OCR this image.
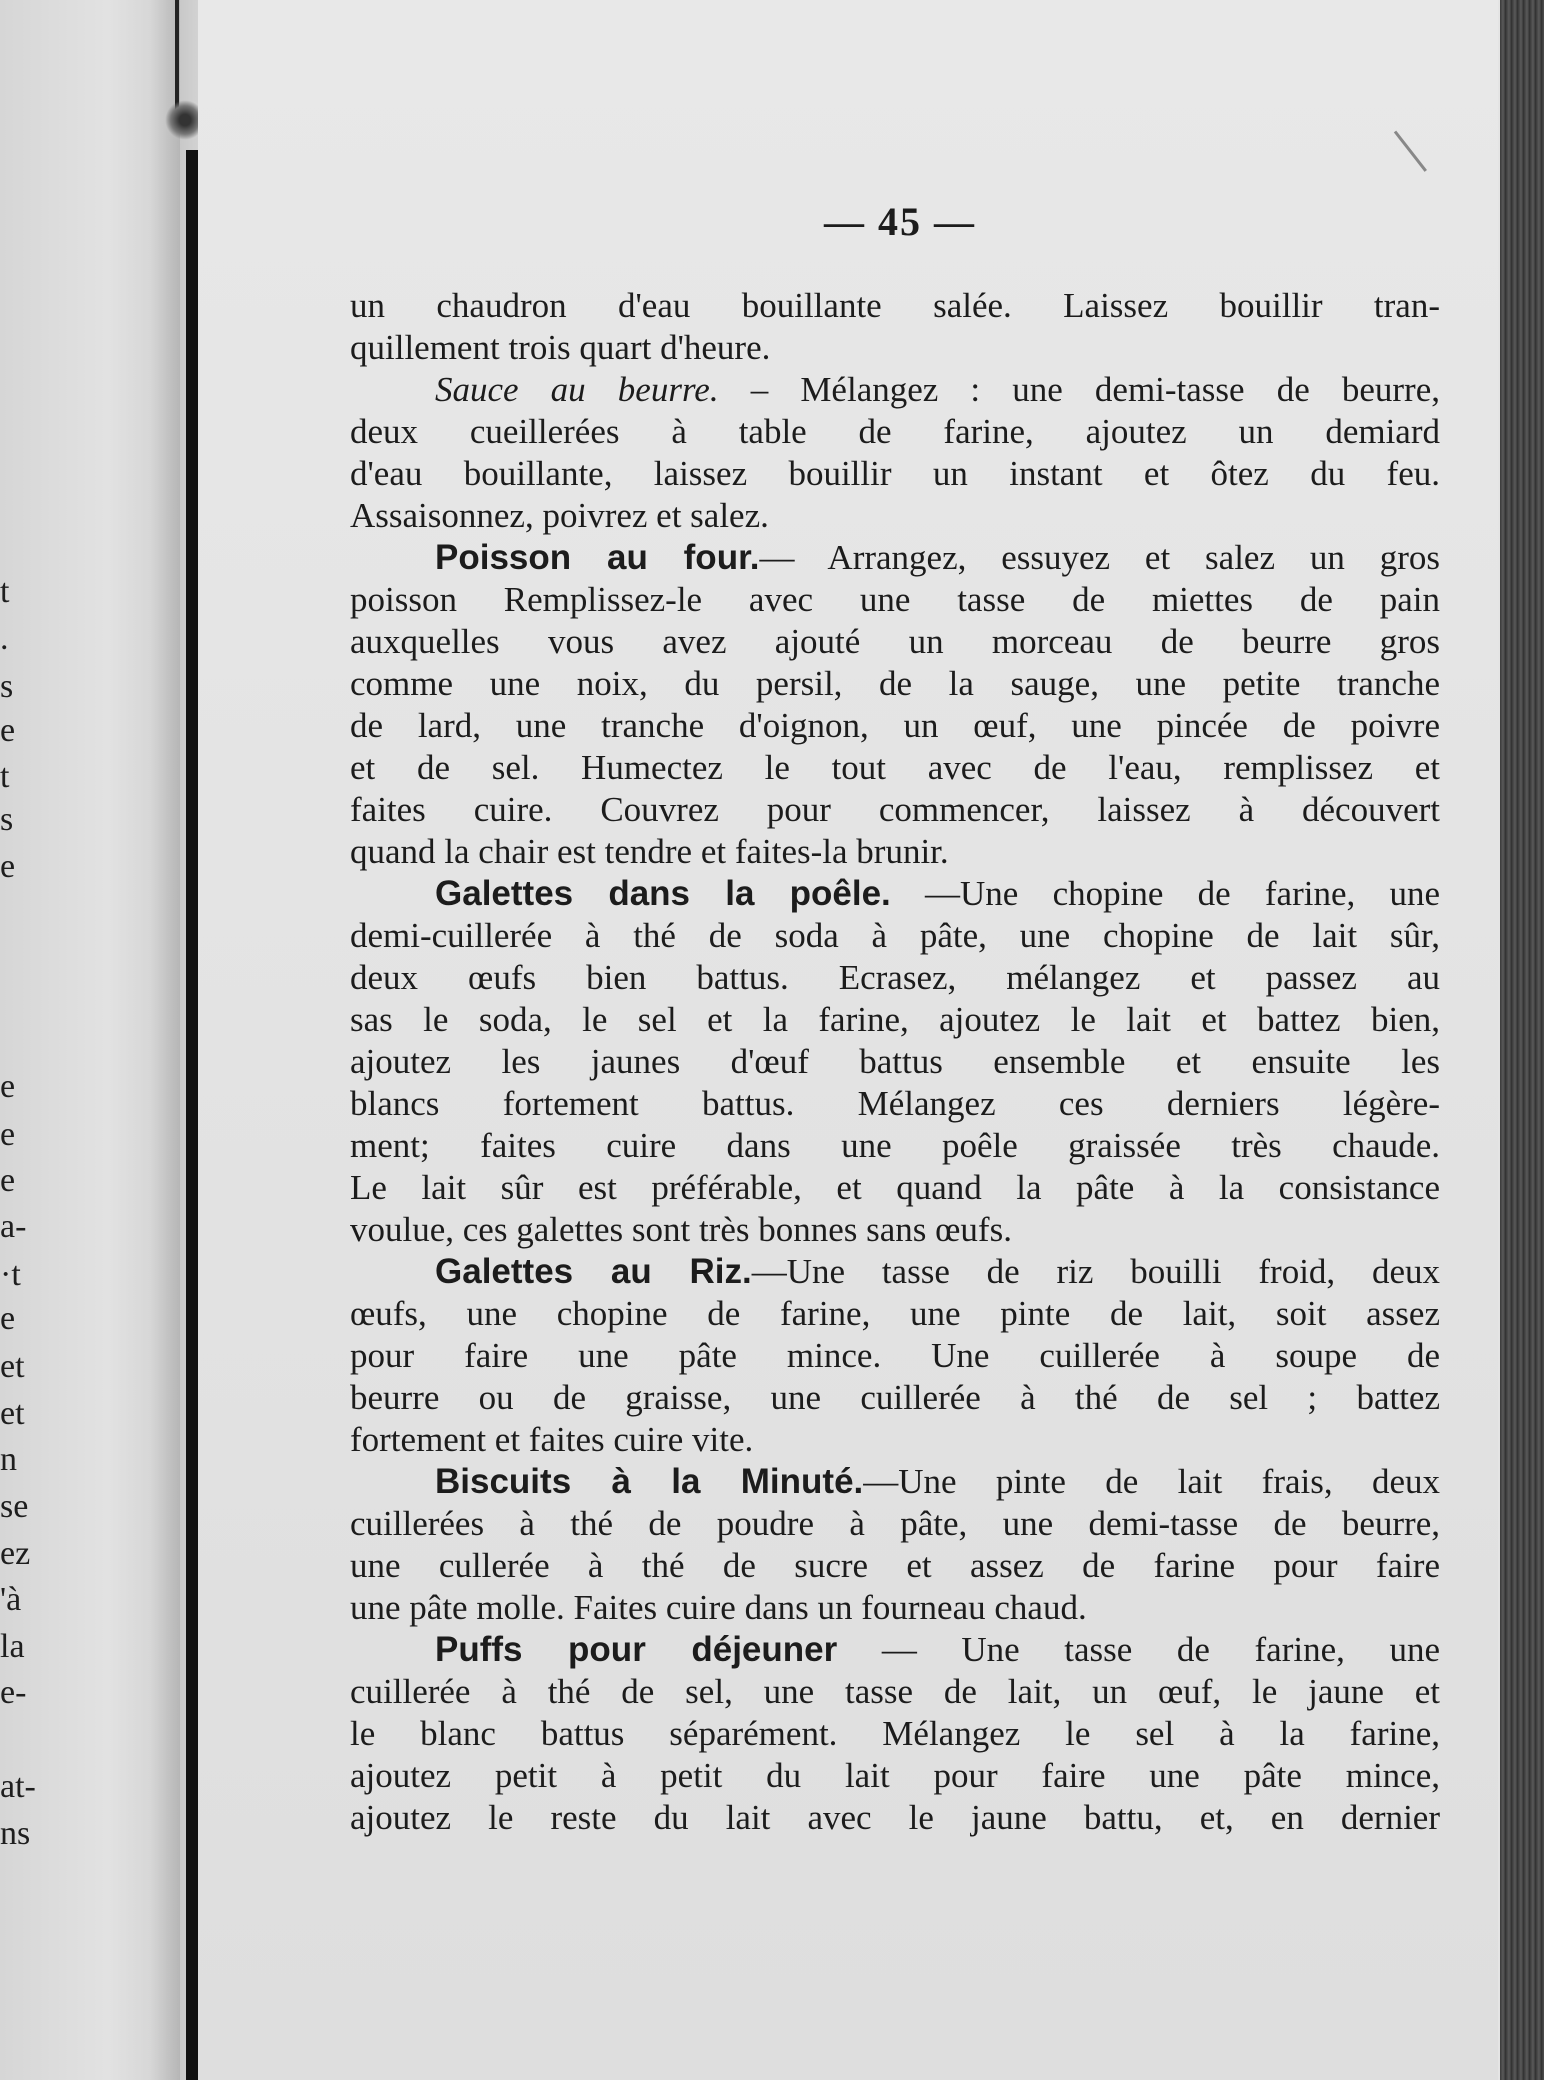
t
.
s
e
t
s
e
e
e
e
a-
·t
e
et
et
n
se
ez
'à
la
e-
at-
ns
— 45 —
un chaudron d'eau bouillante salée. Laissez bouillir tran-
quillement trois quart d'heure.
Sauce au beurre. – Mélangez : une demi-tasse de beurre,
deux cueillerées à table de farine, ajoutez un demiard
d'eau bouillante, laissez bouillir un instant et ôtez du feu.
Assaisonnez, poivrez et salez.
Poisson au four.— Arrangez, essuyez et salez un gros
poisson Remplissez-le avec une tasse de miettes de pain
auxquelles vous avez ajouté un morceau de beurre gros
comme une noix, du persil, de la sauge, une petite tranche
de lard, une tranche d'oignon, un œuf, une pincée de poivre
et de sel. Humectez le tout avec de l'eau, remplissez et
faites cuire. Couvrez pour commencer, laissez à découvert
quand la chair est tendre et faites-la brunir.
Galettes dans la poêle. —Une chopine de farine, une
demi-cuillerée à thé de soda à pâte, une chopine de lait sûr,
deux œufs bien battus. Ecrasez, mélangez et passez au
sas le soda, le sel et la farine, ajoutez le lait et battez bien,
ajoutez les jaunes d'œuf battus ensemble et ensuite les
blancs fortement battus. Mélangez ces derniers légère-
ment; faites cuire dans une poêle graissée très chaude.
Le lait sûr est préférable, et quand la pâte à la consistance
voulue, ces galettes sont très bonnes sans œufs.
Galettes au Riz.—Une tasse de riz bouilli froid, deux
œufs, une chopine de farine, une pinte de lait, soit assez
pour faire une pâte mince. Une cuillerée à soupe de
beurre ou de graisse, une cuillerée à thé de sel ; battez
fortement et faites cuire vite.
Biscuits à la Minuté.—Une pinte de lait frais, deux
cuillerées à thé de poudre à pâte, une demi-tasse de beurre,
une cullerée à thé de sucre et assez de farine pour faire
une pâte molle. Faites cuire dans un fourneau chaud.
Puffs pour déjeuner — Une tasse de farine, une
cuillerée à thé de sel, une tasse de lait, un œuf, le jaune et
le blanc battus séparément. Mélangez le sel à la farine,
ajoutez petit à petit du lait pour faire une pâte mince,
ajoutez le reste du lait avec le jaune battu, et, en dernier
